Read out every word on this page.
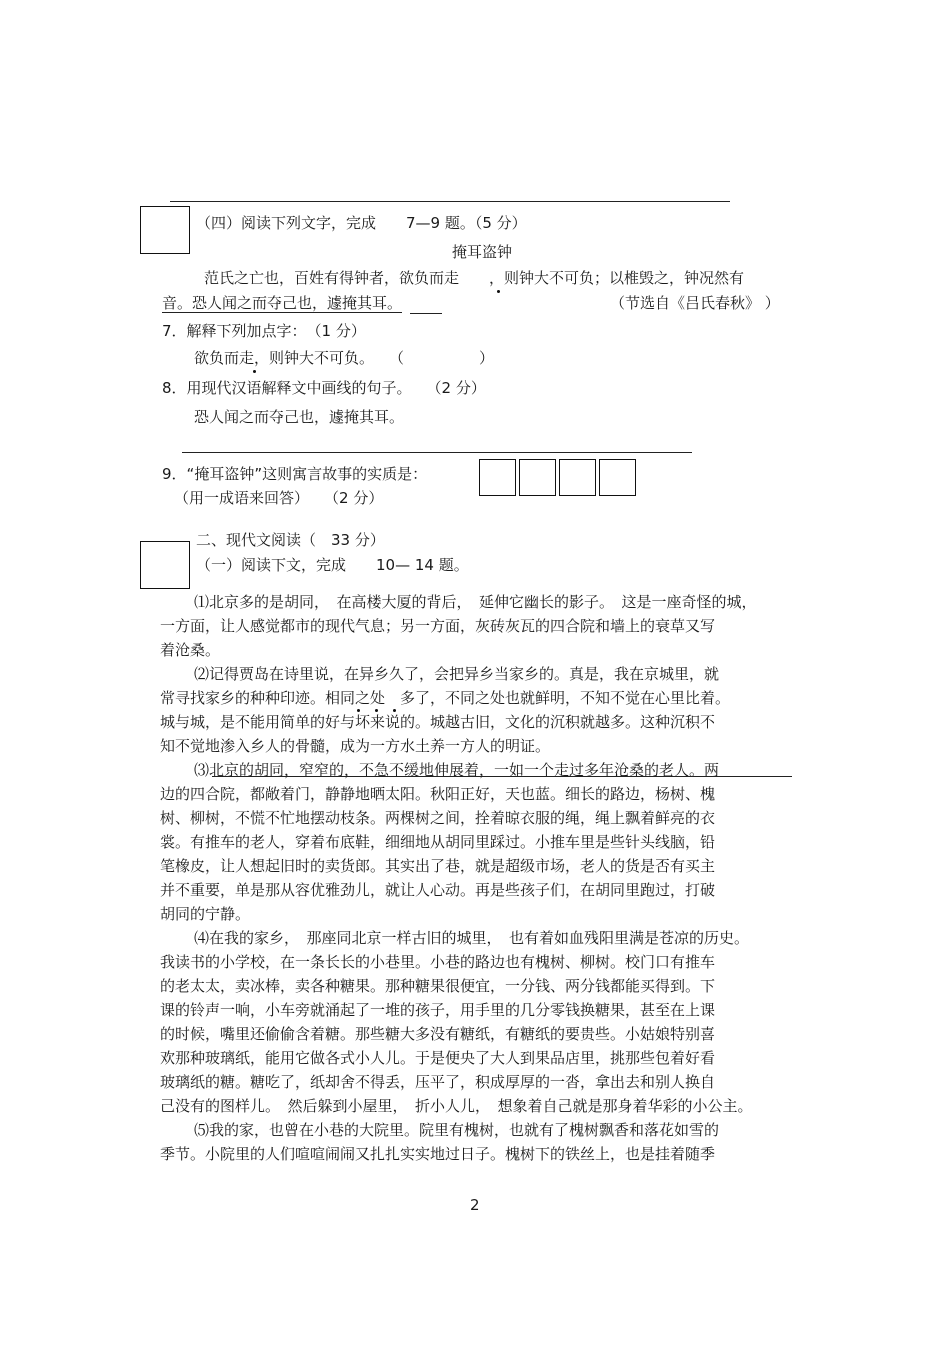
（四）阅读下列文字，完成　　7—9 题。（5 分）
掩耳盗钟
范氏之亡也，百姓有得钟者，欲负而走　　，则钟大不可负；以椎毁之，钟况然有
音。恐人闻之而夺己也，遽掩其耳。	（节选自《吕氏春秋》 ）
7．解释下列加点字：　（1 分）
欲负而走，则钟大不可负。　　（　　　　　）
8．用现代汉语解释文中画线的句子。　　（2 分）
恐人闻之而夺己也，遽掩其耳。
9．“掩耳盗钟”这则寓言故事的实质是：
（用一成语来回答）　　（2 分）
二、现代文阅读（　33 分）
（一）阅读下文，完成　　10— 14 题。
⑴北京多的是胡同，　在高楼大厦的背后，　延伸它幽长的影子。　这是一座奇怪的城，
一方面，让人感觉都市的现代气息；另一方面，灰砖灰瓦的四合院和墙上的衰草又写
着沧桑。
⑵记得贾岛在诗里说，在异乡久了，会把异乡当家乡的。真是，我在京城里，就
常寻找家乡的种种印迹。相同之处　多了，不同之处也就鲜明，不知不觉在心里比着。
城与城，是不能用简单的好与坏来说的。城越古旧，文化的沉积就越多。这种沉积不
知不觉地渗入乡人的骨髓，成为一方水土养一方人的明证。
⑶北京的胡同，窄窄的，不急不缓地伸展着，一如一个走过多年沧桑的老人。两
边的四合院，都敞着门，静静地晒太阳。秋阳正好，天也蓝。细长的路边，杨树、槐
树、柳树，不慌不忙地摆动枝条。两棵树之间，拴着晾衣服的绳，绳上飘着鲜亮的衣
裳。有推车的老人，穿着布底鞋，细细地从胡同里踩过。小推车里是些针头线脑，铅
笔橡皮，让人想起旧时的卖货郎。其实出了巷，就是超级市场，老人的货是否有买主
并不重要，单是那从容优雅劲儿，就让人心动。再是些孩子们，在胡同里跑过，打破
胡同的宁静。
⑷在我的家乡，　那座同北京一样古旧的城里，　也有着如血残阳里满是苍凉的历史。
我读书的小学校，在一条长长的小巷里。小巷的路边也有槐树、柳树。校门口有推车
的老太太，卖冰棒，卖各种糖果。那种糖果很便宜，一分钱、两分钱都能买得到。下
课的铃声一响，小车旁就涌起了一堆的孩子，用手里的几分零钱换糖果，甚至在上课
的时候，嘴里还偷偷含着糖。那些糖大多没有糖纸，有糖纸的要贵些。小姑娘特别喜
欢那种玻璃纸，能用它做各式小人儿。于是便央了大人到果品店里，挑那些包着好看
玻璃纸的糖。糖吃了，纸却舍不得丢，压平了，积成厚厚的一沓，拿出去和别人换自
己没有的图样儿。　然后躲到小屋里，　折小人儿，　想象着自己就是那身着华彩的小公主。
⑸我的家，也曾在小巷的大院里。院里有槐树，也就有了槐树飘香和落花如雪的
季节。小院里的人们喧喧闹闹又扎扎实实地过日子。槐树下的铁丝上，也是挂着随季
2
